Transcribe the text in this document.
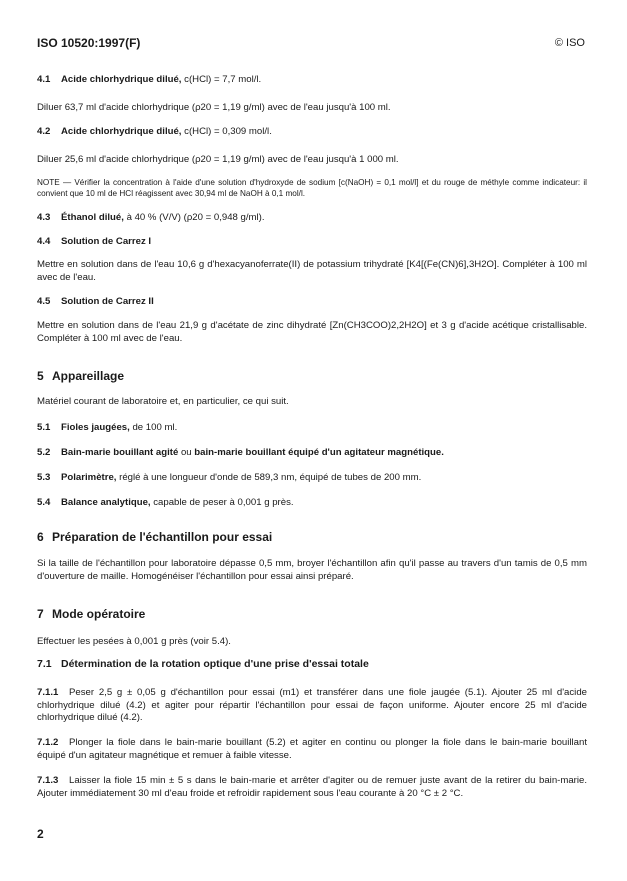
ISO 10520:1997(F)	© ISO
4.1 Acide chlorhydrique dilué, c(HCl) = 7,7 mol/l.
Diluer 63,7 ml d'acide chlorhydrique (ρ20 = 1,19 g/ml) avec de l'eau jusqu'à 100 ml.
4.2 Acide chlorhydrique dilué, c(HCl) = 0,309 mol/l.
Diluer 25,6 ml d'acide chlorhydrique (ρ20 = 1,19 g/ml) avec de l'eau jusqu'à 1 000 ml.
NOTE — Vérifier la concentration à l'aide d'une solution d'hydroxyde de sodium [c(NaOH) = 0,1 mol/l] et du rouge de méthyle comme indicateur: il convient que 10 ml de HCl réagissent avec 30,94 ml de NaOH à 0,1 mol/l.
4.3 Éthanol dilué, à 40 % (V/V) (ρ20 = 0,948 g/ml).
4.4 Solution de Carrez I
Mettre en solution dans de l'eau 10,6 g d'hexacyanoferrate(II) de potassium trihydraté [K4[(Fe(CN)6],3H2O]. Compléter à 100 ml avec de l'eau.
4.5 Solution de Carrez II
Mettre en solution dans de l'eau 21,9 g d'acétate de zinc dihydraté [Zn(CH3COO)2,2H2O] et 3 g d'acide acétique cristallisable. Compléter à 100 ml avec de l'eau.
5 Appareillage
Matériel courant de laboratoire et, en particulier, ce qui suit.
5.1 Fioles jaugées, de 100 ml.
5.2 Bain-marie bouillant agité ou bain-marie bouillant équipé d'un agitateur magnétique.
5.3 Polarimètre, réglé à une longueur d'onde de 589,3 nm, équipé de tubes de 200 mm.
5.4 Balance analytique, capable de peser à 0,001 g près.
6 Préparation de l'échantillon pour essai
Si la taille de l'échantillon pour laboratoire dépasse 0,5 mm, broyer l'échantillon afin qu'il passe au travers d'un tamis de 0,5 mm d'ouverture de maille. Homogénéiser l'échantillon pour essai ainsi préparé.
7 Mode opératoire
Effectuer les pesées à 0,001 g près (voir 5.4).
7.1 Détermination de la rotation optique d'une prise d'essai totale
7.1.1 Peser 2,5 g ± 0,05 g d'échantillon pour essai (m1) et transférer dans une fiole jaugée (5.1). Ajouter 25 ml d'acide chlorhydrique dilué (4.2) et agiter pour répartir l'échantillon pour essai de façon uniforme. Ajouter encore 25 ml d'acide chlorhydrique dilué (4.2).
7.1.2 Plonger la fiole dans le bain-marie bouillant (5.2) et agiter en continu ou plonger la fiole dans le bain-marie bouillant équipé d'un agitateur magnétique et remuer à faible vitesse.
7.1.3 Laisser la fiole 15 min ± 5 s dans le bain-marie et arrêter d'agiter ou de remuer juste avant de la retirer du bain-marie. Ajouter immédiatement 30 ml d'eau froide et refroidir rapidement sous l'eau courante à 20 °C ± 2 °C.
2
